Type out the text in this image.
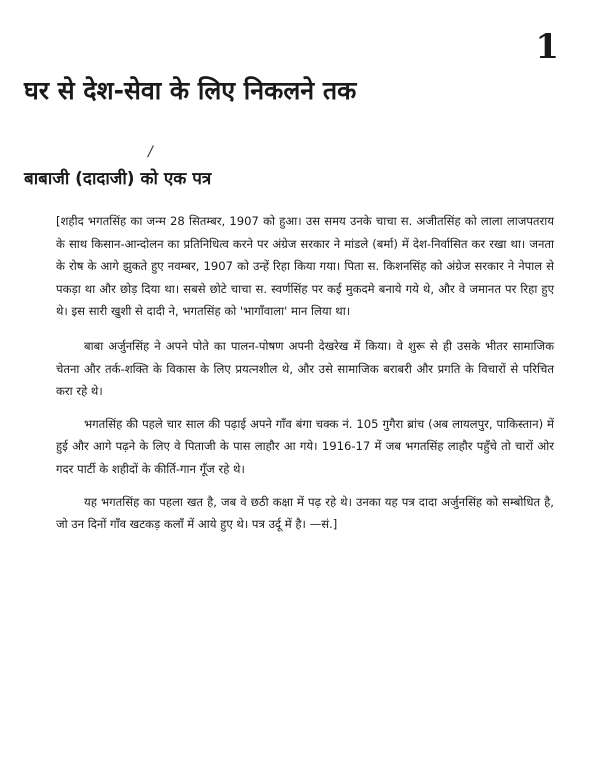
1
घर से देश-सेवा के लिए निकलने तक
/
बाबाजी (दादाजी) को एक पत्र

[शहीद भगतसिंह का जन्म 28 सितम्बर, 1907 को हुआ। उस समय उनके चाचा स. अजीतसिंह को लाला लाजपतराय के साथ किसान-आन्दोलन का प्रतिनिधित्व करने पर अंग्रेज सरकार ने मांडले (बर्मा) में देश-निर्वासित कर रखा था। जनता के रोष के आगे झुकते हुए नवम्बर, 1907 को उन्हें रिहा किया गया। पिता स. किशनसिंह को अंग्रेज सरकार ने नेपाल से पकड़ा था और छोड़ दिया था। सबसे छोटे चाचा स. स्वर्णसिंह पर कई मुकदमे बनाये गये थे, और वे जमानत पर रिहा हुए थे। इस सारी खुशी से दादी ने, भगतसिंह को 'भागाँवाला' मान लिया था।

बाबा अर्जुनसिंह ने अपने पोते का पालन-पोषण अपनी देखरेख में किया। वे शुरू से ही उसके भीतर सामाजिक चेतना और तर्क-शक्ति के विकास के लिए प्रयत्नशील थे, और उसे सामाजिक बराबरी और प्रगति के विचारों से परिचित करा रहे थे।

भगतसिंह की पहले चार साल की पढ़ाई अपने गाँव बंगा चक्क नं. 105 गुगैरा ब्रांच (अब लायलपुर, पाकिस्तान) में हुई और आगे पढ़ने के लिए वे पिताजी के पास लाहौर आ गये। 1916-17 में जब भगतसिंह लाहौर पहुँचे तो चारों ओर गदर पार्टी के शहीदों के कीर्ति-गान गूँज रहे थे।

यह भगतसिंह का पहला खत है, जब वे छठी कक्षा में पढ़ रहे थे। उनका यह पत्र दादा अर्जुनसिंह को सम्बोधित है, जो उन दिनों गाँव खटकड़ कलाँ में आये हुए थे। पत्र उर्दू में है। —सं.]
